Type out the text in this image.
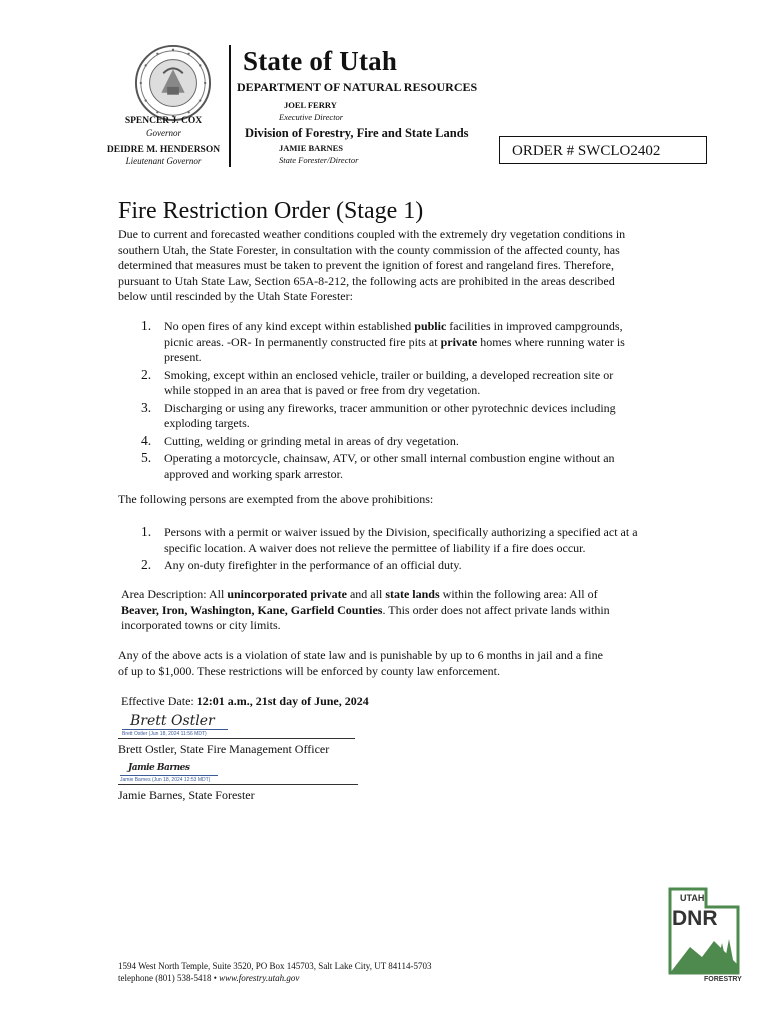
SPENCER J. COX
Governor
DEIDRE M. HENDERSON
Lieutenant Governor
State of Utah
DEPARTMENT OF NATURAL RESOURCES
JOEL FERRY
Executive Director
Division of Forestry, Fire and State Lands
JAMIE BARNES
State Forester/Director
ORDER # SWCLO2402
Fire Restriction Order (Stage 1)
Due to current and forecasted weather conditions coupled with the extremely dry vegetation conditions in southern Utah, the State Forester, in consultation with the county commission of the affected county, has determined that measures must be taken to prevent the ignition of forest and rangeland fires. Therefore, pursuant to Utah State Law, Section 65A-8-212, the following acts are prohibited in the areas described below until rescinded by the Utah State Forester:
1. No open fires of any kind except within established public facilities in improved campgrounds, picnic areas. -OR- In permanently constructed fire pits at private homes where running water is present.
2. Smoking, except within an enclosed vehicle, trailer or building, a developed recreation site or while stopped in an area that is paved or free from dry vegetation.
3. Discharging or using any fireworks, tracer ammunition or other pyrotechnic devices including exploding targets.
4. Cutting, welding or grinding metal in areas of dry vegetation.
5. Operating a motorcycle, chainsaw, ATV, or other small internal combustion engine without an approved and working spark arrestor.
The following persons are exempted from the above prohibitions:
1. Persons with a permit or waiver issued by the Division, specifically authorizing a specified act at a specific location. A waiver does not relieve the permittee of liability if a fire does occur.
2. Any on-duty firefighter in the performance of an official duty.
Area Description: All unincorporated private and all state lands within the following area: All of Beaver, Iron, Washington, Kane, Garfield Counties. This order does not affect private lands within incorporated towns or city limits.
Any of the above acts is a violation of state law and is punishable by up to 6 months in jail and a fine of up to $1,000. These restrictions will be enforced by county law enforcement.
Effective Date: 12:01 a.m., 21st day of June, 2024
Brett Ostler
Brett Ostler (Jun 18, 2024 11:56 MDT)
Brett Ostler, State Fire Management Officer
Jamie Barnes
Jamie Barnes (Jun 18, 2024 12:53 MDT)
Jamie Barnes, State Forester
1594 West North Temple, Suite 3520, PO Box 145703, Salt Lake City, UT 84114-5703
telephone (801) 538-5418 • www.forestry.utah.gov
UTAH
DNR
FORESTRY
